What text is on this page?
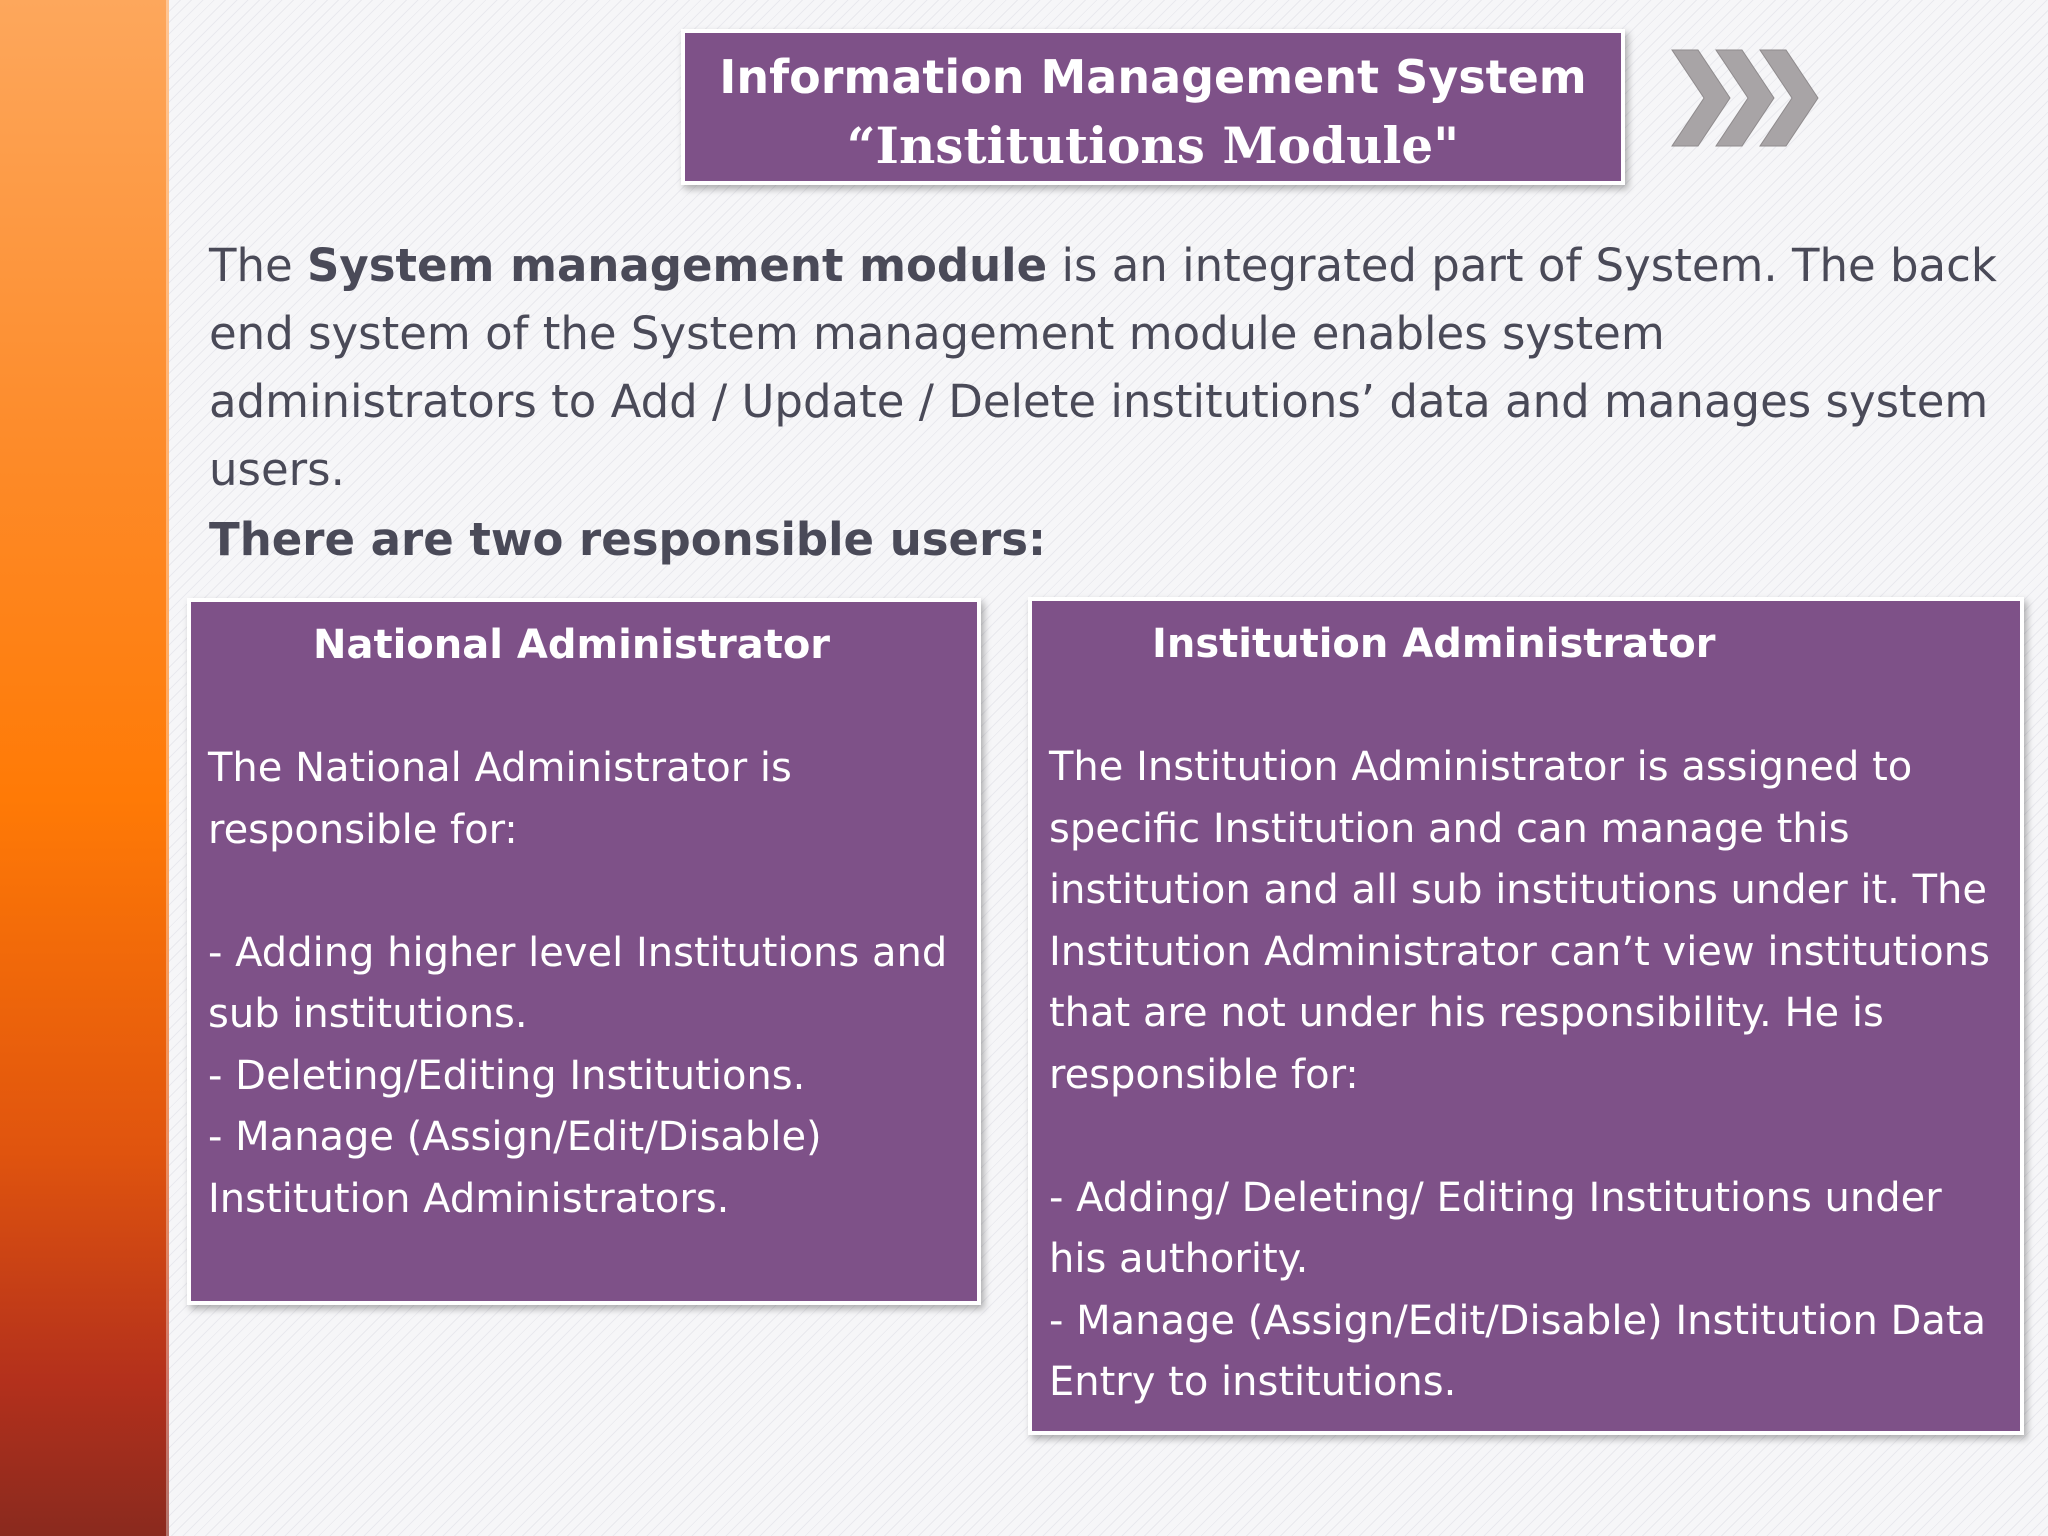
Information Management System
“Institutions Module"

The System management module is an integrated part of System. The back end system of the System management module enables system administrators to Add / Update / Delete institutions’ data and manages system users.

There are two responsible users:
National Administrator
The National Administrator is responsible for:

- Adding higher level Institutions and sub institutions.
- Deleting/Editing Institutions.
- Manage (Assign/Edit/Disable) Institution Administrators.
Institution Administrator
The Institution Administrator is assigned to specific Institution and can manage this institution and all sub institutions under it. The Institution Administrator can’t view institutions that are not under his responsibility. He is responsible for:

- Adding/ Deleting/ Editing Institutions under his authority.
- Manage (Assign/Edit/Disable) Institution Data Entry to institutions.
